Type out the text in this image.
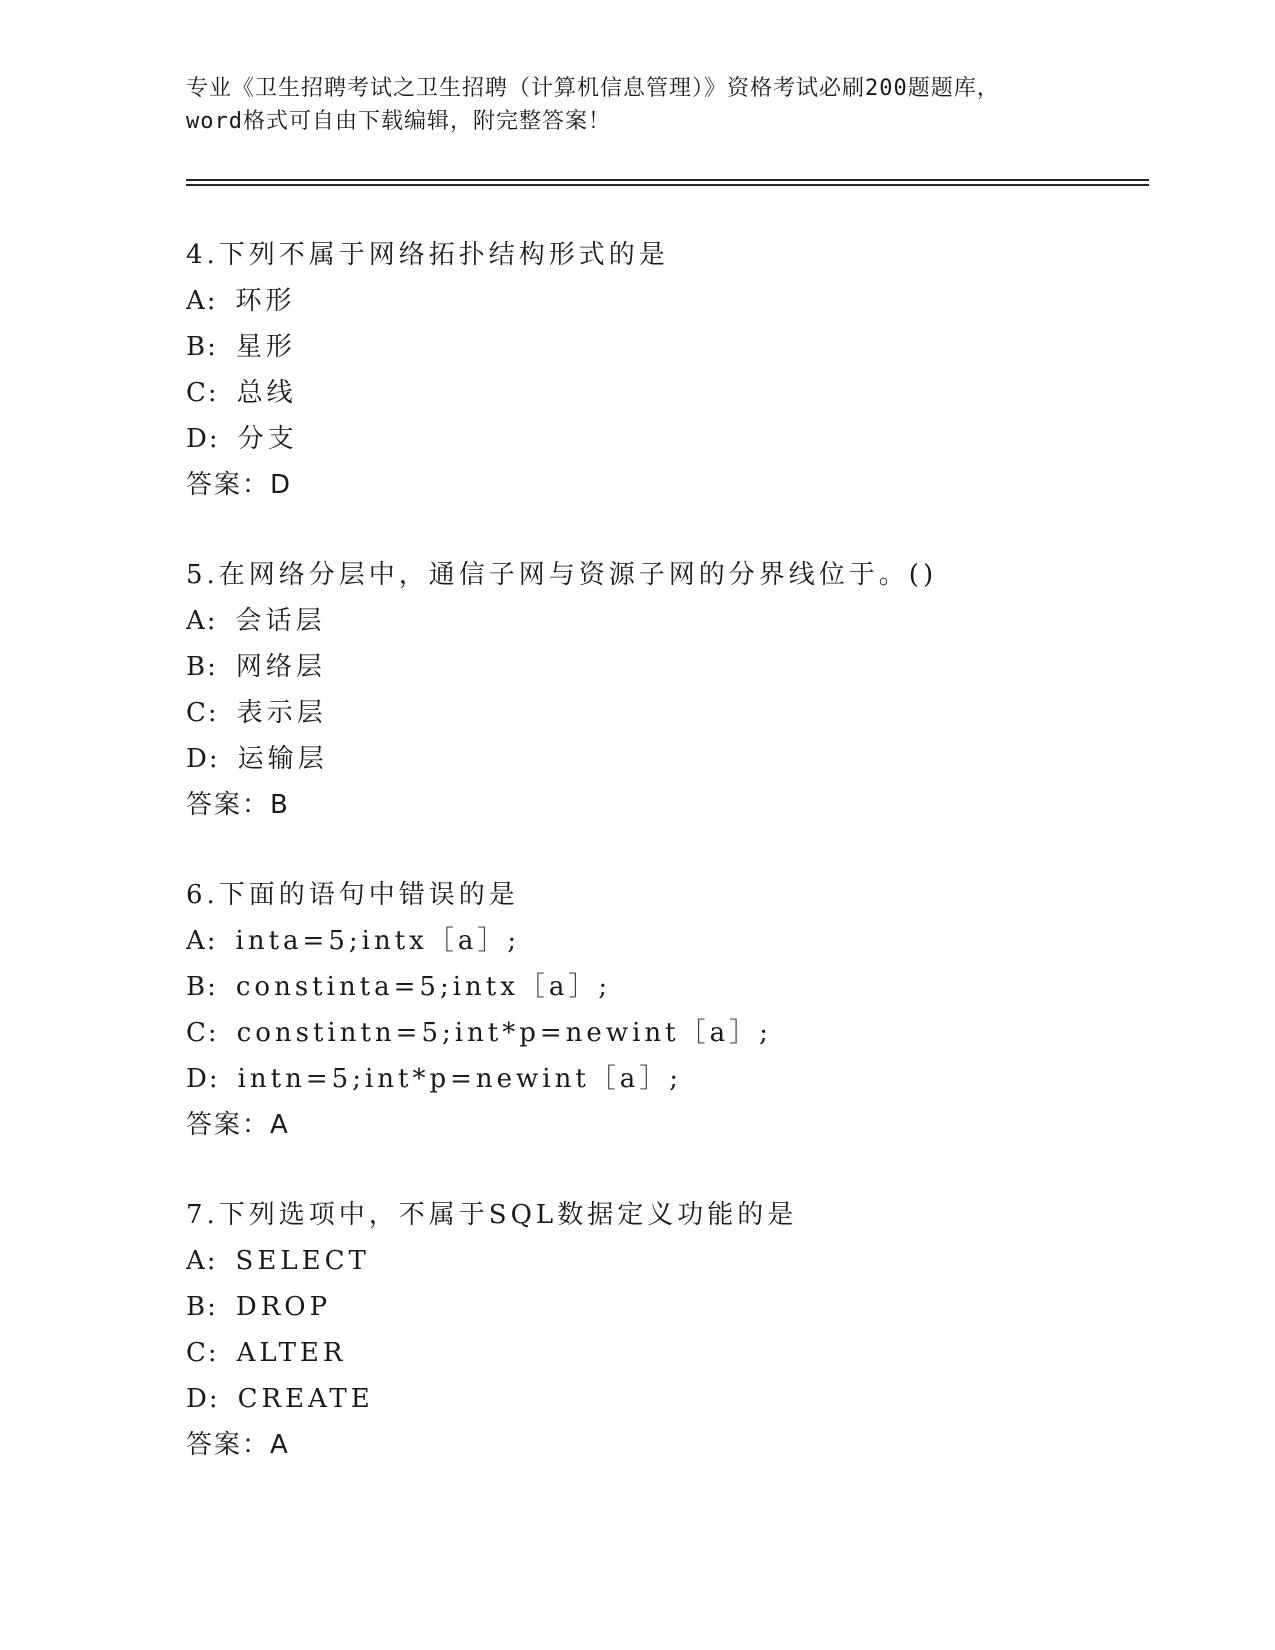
专业《卫生招聘考试之卫生招聘（计算机信息管理）》资格考试必刷200题题库，
word格式可自由下载编辑，附完整答案！
4.下列不属于网络拓扑结构形式的是
A: 环形
B: 星形
C: 总线
D: 分支
答案：D
5.在网络分层中，通信子网与资源子网的分界线位于。()
A: 会话层
B: 网络层
C: 表示层
D: 运输层
答案：B
6.下面的语句中错误的是
A: inta=5;intx［a］;
B: constinta=5;intx［a］;
C: constintn=5;int*p=newint［a］;
D: intn=5;int*p=newint［a］;
答案：A
7.下列选项中，不属于SQL数据定义功能的是
A: SELECT
B: DROP
C: ALTER
D: CREATE
答案：A
